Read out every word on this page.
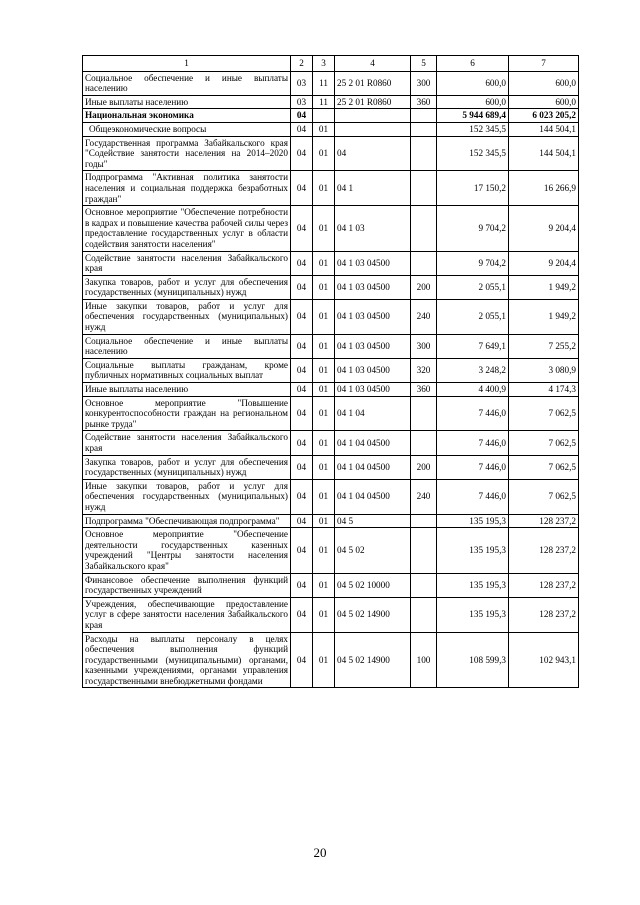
1	2	3	4	5	6	7
Социальное обеспечение и иные выплаты населению	03	11	25 2 01 R0860	300	600,0	600,0
Иные выплаты населению	03	11	25 2 01 R0860	360	600,0	600,0
Национальная экономика	04				5 944 689,4	6 023 205,2
Общеэкономические вопросы	04	01			152 345,5	144 504,1
Государственная программа Забайкальского края "Содействие занятости населения на 2014–2020 годы"	04	01	04		152 345,5	144 504,1
Подпрограмма "Активная политика занятости населения и социальная поддержка безработных граждан"	04	01	04 1		17 150,2	16 266,9
Основное мероприятие "Обеспечение потребности в кадрах и повышение качества рабочей силы через предоставление государственных услуг в области содействия занятости населения"	04	01	04 1 03		9 704,2	9 204,4
Содействие занятости населения Забайкальского края	04	01	04 1 03 04500		9 704,2	9 204,4
Закупка товаров, работ и услуг для обеспечения государственных (муниципальных) нужд	04	01	04 1 03 04500	200	2 055,1	1 949,2
Иные закупки товаров, работ и услуг для обеспечения государственных (муниципальных) нужд	04	01	04 1 03 04500	240	2 055,1	1 949,2
Социальное обеспечение и иные выплаты населению	04	01	04 1 03 04500	300	7 649,1	7 255,2
Социальные выплаты гражданам, кроме публичных нормативных социальных выплат	04	01	04 1 03 04500	320	3 248,2	3 080,9
Иные выплаты населению	04	01	04 1 03 04500	360	4 400,9	4 174,3
Основное мероприятие "Повышение конкурентоспособности граждан на региональном рынке труда"	04	01	04 1 04		7 446,0	7 062,5
Содействие занятости населения Забайкальского края	04	01	04 1 04 04500		7 446,0	7 062,5
Закупка товаров, работ и услуг для обеспечения государственных (муниципальных) нужд	04	01	04 1 04 04500	200	7 446,0	7 062,5
Иные закупки товаров, работ и услуг для обеспечения государственных (муниципальных) нужд	04	01	04 1 04 04500	240	7 446,0	7 062,5
Подпрограмма "Обеспечивающая подпрограмма"	04	01	04 5		135 195,3	128 237,2
Основное мероприятие "Обеспечение деятельности государственных казенных учреждений "Центры занятости населения Забайкальского края"	04	01	04 5 02		135 195,3	128 237,2
Финансовое обеспечение выполнения функций государственных учреждений	04	01	04 5 02 10000		135 195,3	128 237,2
Учреждения, обеспечивающие предоставление услуг в сфере занятости населения Забайкальского края	04	01	04 5 02 14900		135 195,3	128 237,2
Расходы на выплаты персоналу в целях обеспечения выполнения функций государственными (муниципальными) органами, казенными учреждениями, органами управления государственными внебюджетными фондами	04	01	04 5 02 14900	100	108 599,3	102 943,1
20
